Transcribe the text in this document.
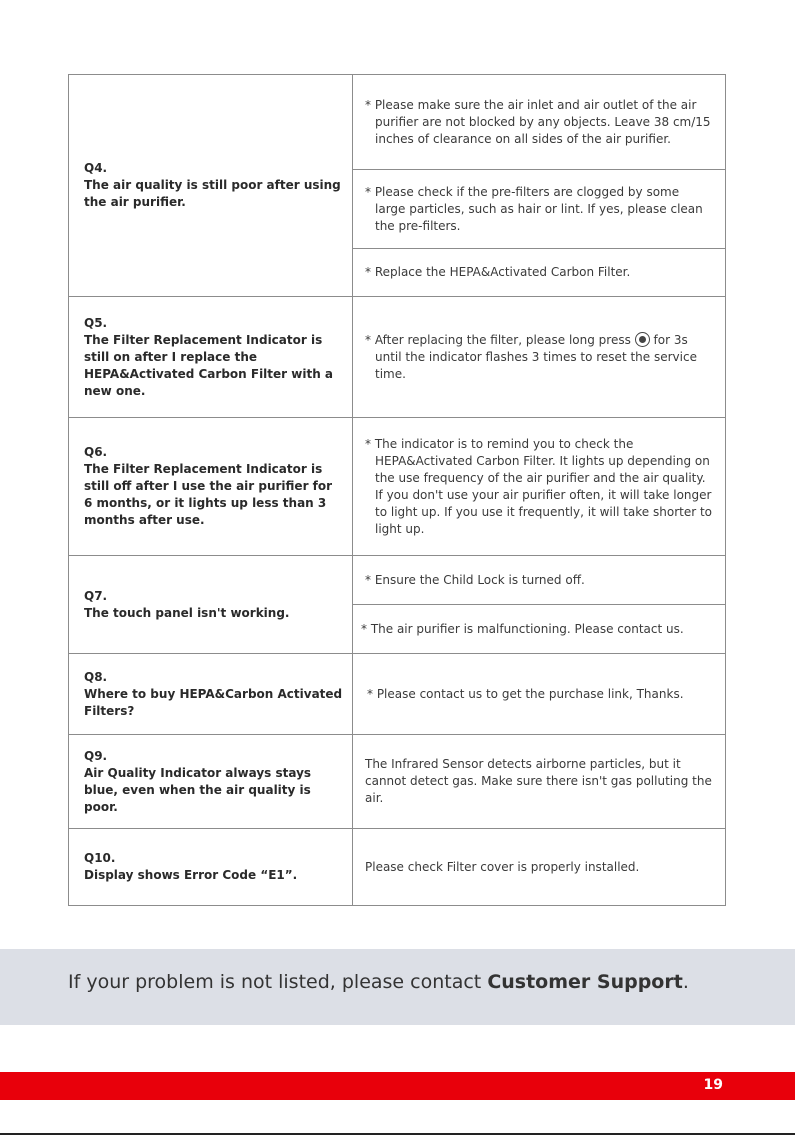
Q4.
The air quality is still poor after using the air purifier.	* Please make sure the air inlet and air outlet of the air purifier are not blocked by any objects. Leave 38 cm/15 inches of clearance on all sides of the air purifier.

	* Please check if the pre-filters are clogged by some large particles, such as hair or lint. If yes, please clean the pre-filters.

	* Replace the HEPA&Activated Carbon Filter.

Q5.
The Filter Replacement Indicator is still on after I replace the HEPA&Activated Carbon Filter with a new one.	* After replacing the filter, please long press for 3s until the indicator flashes 3 times to reset the service time.

Q6.
The Filter Replacement Indicator is still off after I use the air purifier for 6 months, or it lights up less than 3 months after use.	* The indicator is to remind you to check the HEPA&Activated Carbon Filter. It lights up depending on the use frequency of the air purifier and the air quality. If you don't use your air purifier often, it will take longer to light up. If you use it frequently, it will take shorter to light up.

Q7.
The touch panel isn't working.	* Ensure the Child Lock is turned off.

	* The air purifier is malfunctioning. Please contact us.

Q8.
Where to buy HEPA&Carbon Activated Filters?	* Please contact us to get the purchase link, Thanks.

Q9.
Air Quality Indicator always stays blue, even when the air quality is poor.	The Infrared Sensor detects airborne particles, but it cannot detect gas. Make sure there isn't gas polluting the air.

Q10.
Display shows Error Code “E1”.	Please check Filter cover is properly installed.
If your problem is not listed, please contact Customer Support.
19
